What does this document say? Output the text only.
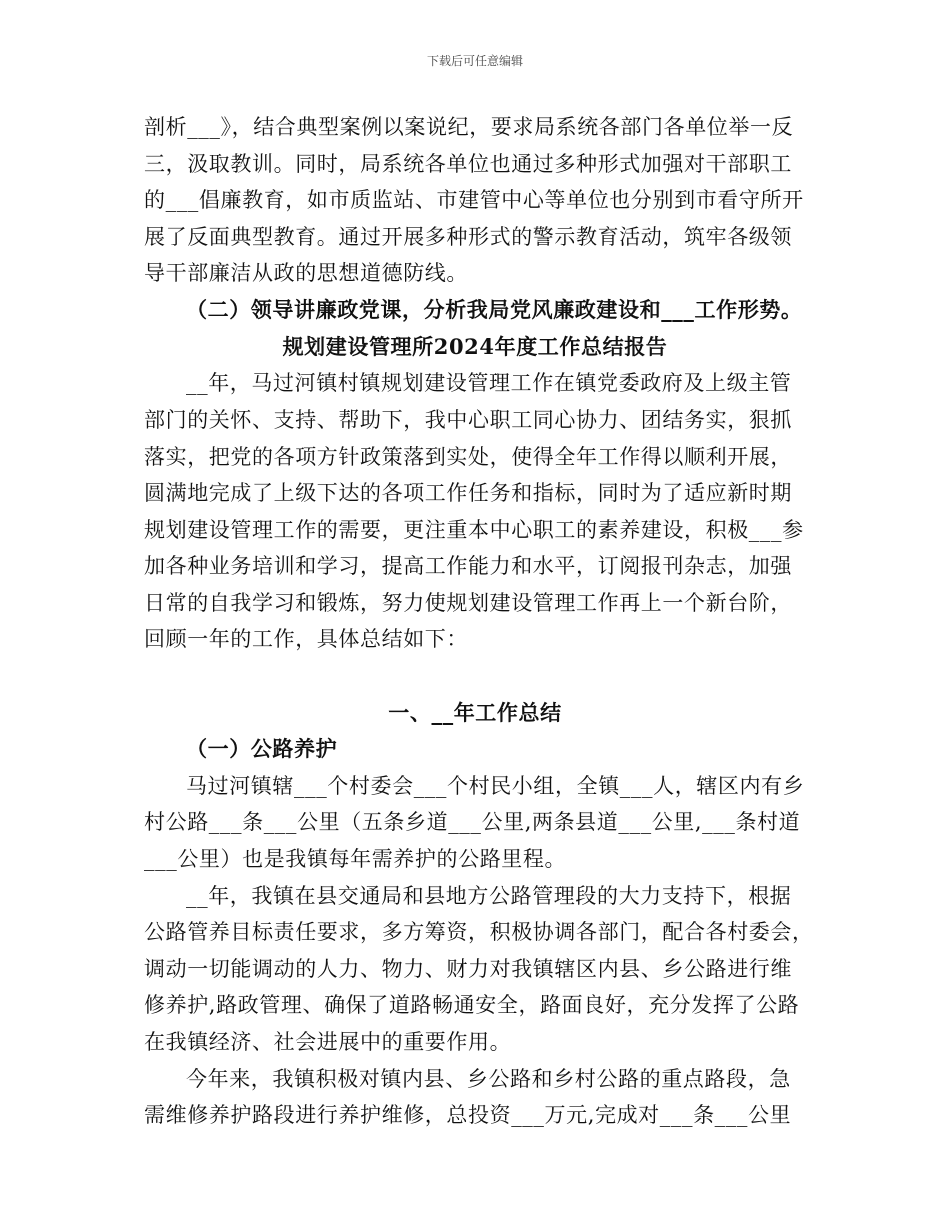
下载后可任意编辑
剖析___》，结合典型案例以案说纪，要求局系统各部门各单位举一反
三，汲取教训。同时，局系统各单位也通过多种形式加强对干部职工
的___倡廉教育，如市质监站、市建管中心等单位也分别到市看守所开
展了反面典型教育。通过开展多种形式的警示教育活动，筑牢各级领
导干部廉洁从政的思想道德防线。
（二）领导讲廉政党课，分析我局党风廉政建设和___工作形势。
规划建设管理所2024年度工作总结报告
__年，马过河镇村镇规划建设管理工作在镇党委政府及上级主管
部门的关怀、支持、帮助下，我中心职工同心协力、团结务实，狠抓
落实，把党的各项方针政策落到实处，使得全年工作得以顺利开展，
圆满地完成了上级下达的各项工作任务和指标，同时为了适应新时期
规划建设管理工作的需要，更注重本中心职工的素养建设，积极___参
加各种业务培训和学习，提高工作能力和水平，订阅报刊杂志，加强
日常的自我学习和锻炼，努力使规划建设管理工作再上一个新台阶，
回顾一年的工作，具体总结如下：
一、__年工作总结
（一）公路养护
马过河镇辖___个村委会___个村民小组，全镇___人，辖区内有乡
村公路___条___公里（五条乡道___公里,两条县道___公里,___条村道
___公里）也是我镇每年需养护的公路里程。
__年，我镇在县交通局和县地方公路管理段的大力支持下，根据
公路管养目标责任要求，多方筹资，积极协调各部门，配合各村委会，
调动一切能调动的人力、物力、财力对我镇辖区内县、乡公路进行维
修养护,路政管理、确保了道路畅通安全，路面良好，充分发挥了公路
在我镇经济、社会进展中的重要作用。
今年来，我镇积极对镇内县、乡公路和乡村公路的重点路段，急
需维修养护路段进行养护维修，总投资___万元,完成对___条___公里
